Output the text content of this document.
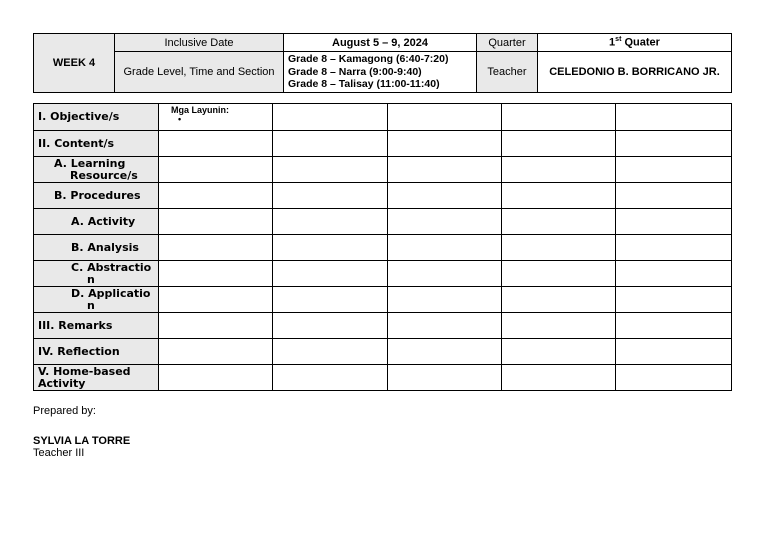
WEEK 4	Inclusive Date	August 5 – 9, 2024	Quarter	1st Quater
	Grade Level, Time and Section	Grade 8 – Kamagong (6:40-7:20)
Grade 8 – Narra (9:00-9:40)
Grade 8 – Talisay (11:00-11:40)	Teacher	CELEDONIO B. BORRICANO JR.
I. Objective/s	Mga Layunin:
•				

II. Content/s					

A. Learning Resource/s					

B. Procedures					
A. Activity					
B. Analysis					

C. Abstraction					

D. Application					

III. Remarks					
IV. Reflection					
V. Home-based Activity					

Prepared by:

SYLVIA LA TORRE

Teacher III
